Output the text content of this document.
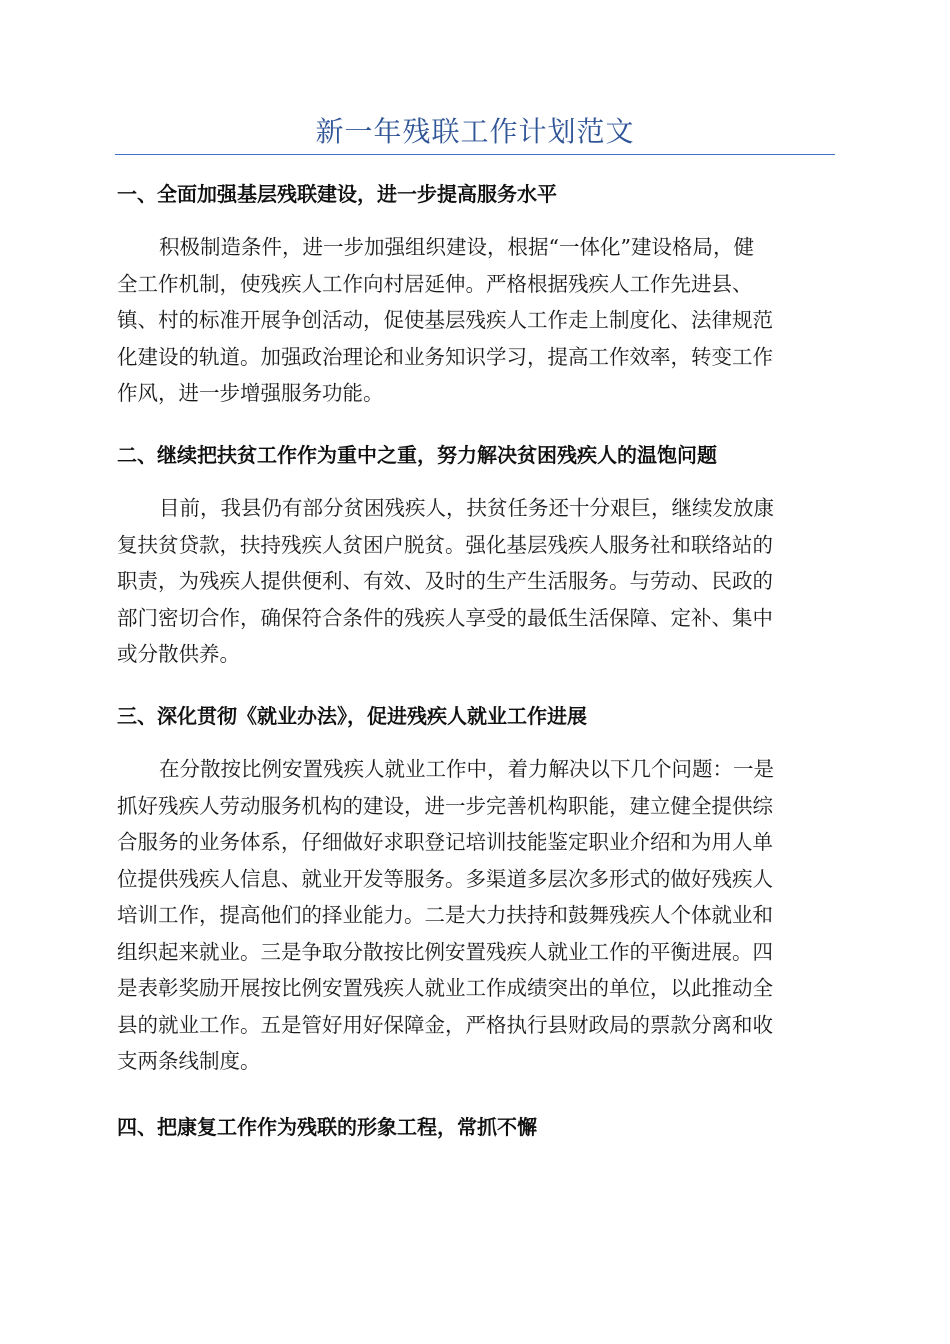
新一年残联工作计划范文
一、全面加强基层残联建设，进一步提高服务水平
积极制造条件，进一步加强组织建设，根据“一体化”建设格局，健
全工作机制，使残疾人工作向村居延伸。严格根据残疾人工作先进县、
镇、村的标准开展争创活动，促使基层残疾人工作走上制度化、法律规范
化建设的轨道。加强政治理论和业务知识学习，提高工作效率，转变工作
作风，进一步增强服务功能。
二、继续把扶贫工作作为重中之重，努力解决贫困残疾人的温饱问题
目前，我县仍有部分贫困残疾人，扶贫任务还十分艰巨，继续发放康
复扶贫贷款，扶持残疾人贫困户脱贫。强化基层残疾人服务社和联络站的
职责，为残疾人提供便利、有效、及时的生产生活服务。与劳动、民政的
部门密切合作，确保符合条件的残疾人享受的最低生活保障、定补、集中
或分散供养。
三、深化贯彻《就业办法》，促进残疾人就业工作进展
在分散按比例安置残疾人就业工作中，着力解决以下几个问题：一是
抓好残疾人劳动服务机构的建设，进一步完善机构职能，建立健全提供综
合服务的业务体系，仔细做好求职登记培训技能鉴定职业介绍和为用人单
位提供残疾人信息、就业开发等服务。多渠道多层次多形式的做好残疾人
培训工作，提高他们的择业能力。二是大力扶持和鼓舞残疾人个体就业和
组织起来就业。三是争取分散按比例安置残疾人就业工作的平衡进展。四
是表彰奖励开展按比例安置残疾人就业工作成绩突出的单位，以此推动全
县的就业工作。五是管好用好保障金，严格执行县财政局的票款分离和收
支两条线制度。
四、把康复工作作为残联的形象工程，常抓不懈
